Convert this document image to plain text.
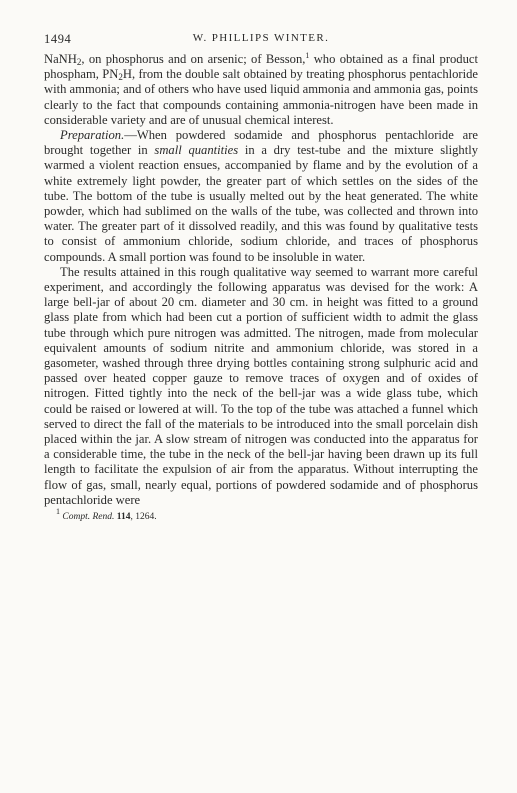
1494	W. PHILLIPS WINTER.

NaNH$_2$, on phosphorus and on arsenic; of Besson,$^1$ who obtained as a final product phospham, $PN_2H$, from the double salt obtained by treating phosphorus pentachloride with ammonia; and of others who have used liquid ammonia and ammonia gas, points clearly to the fact that compounds containing ammonia-nitrogen have been made in considerable variety and are of unusual chemical interest.

Preparation.—When powdered sodamide and phosphorus pentachloride are brought together in small quantities in a dry test-tube and the mixture slightly warmed a violent reaction ensues, accompanied by flame and by the evolution of a white extremely light powder, the greater part of which settles on the sides of the tube. The bottom of the tube is usually melted out by the heat generated. The white powder, which had sublimed on the walls of the tube, was collected and thrown into water. The greater part of it dissolved readily, and this was found by qualitative tests to consist of ammonium chloride, sodium chloride, and traces of phosphorus compounds. A small portion was found to be insoluble in water.

The results attained in this rough qualitative way seemed to warrant more careful experiment, and accordingly the following apparatus was devised for the work: A large bell-jar of about 20 cm. diameter and 30 cm. in height was fitted to a ground glass plate from which had been cut a portion of sufficient width to admit the glass tube through which pure nitrogen was admitted. The nitrogen, made from molecular equivalent amounts of sodium nitrite and ammonium chloride, was stored in a gasometer, washed through three drying bottles containing strong sulphuric acid and passed over heated copper gauze to remove traces of oxygen and of oxides of nitrogen. Fitted tightly into the neck of the bell-jar was a wide glass tube, which could be raised or lowered at will. To the top of the tube was attached a funnel which served to direct the fall of the materials to be introduced into the small porcelain dish placed within the jar. A slow stream of nitrogen was conducted into the apparatus for a considerable time, the tube in the neck of the bell-jar having been drawn up its full length to facilitate the expulsion of air from the apparatus. Without interrupting the flow of gas, small, nearly equal, portions of powdered sodamide and of phosphorus pentachloride were

$^1$ Compt. Rend. 114, 1264.
